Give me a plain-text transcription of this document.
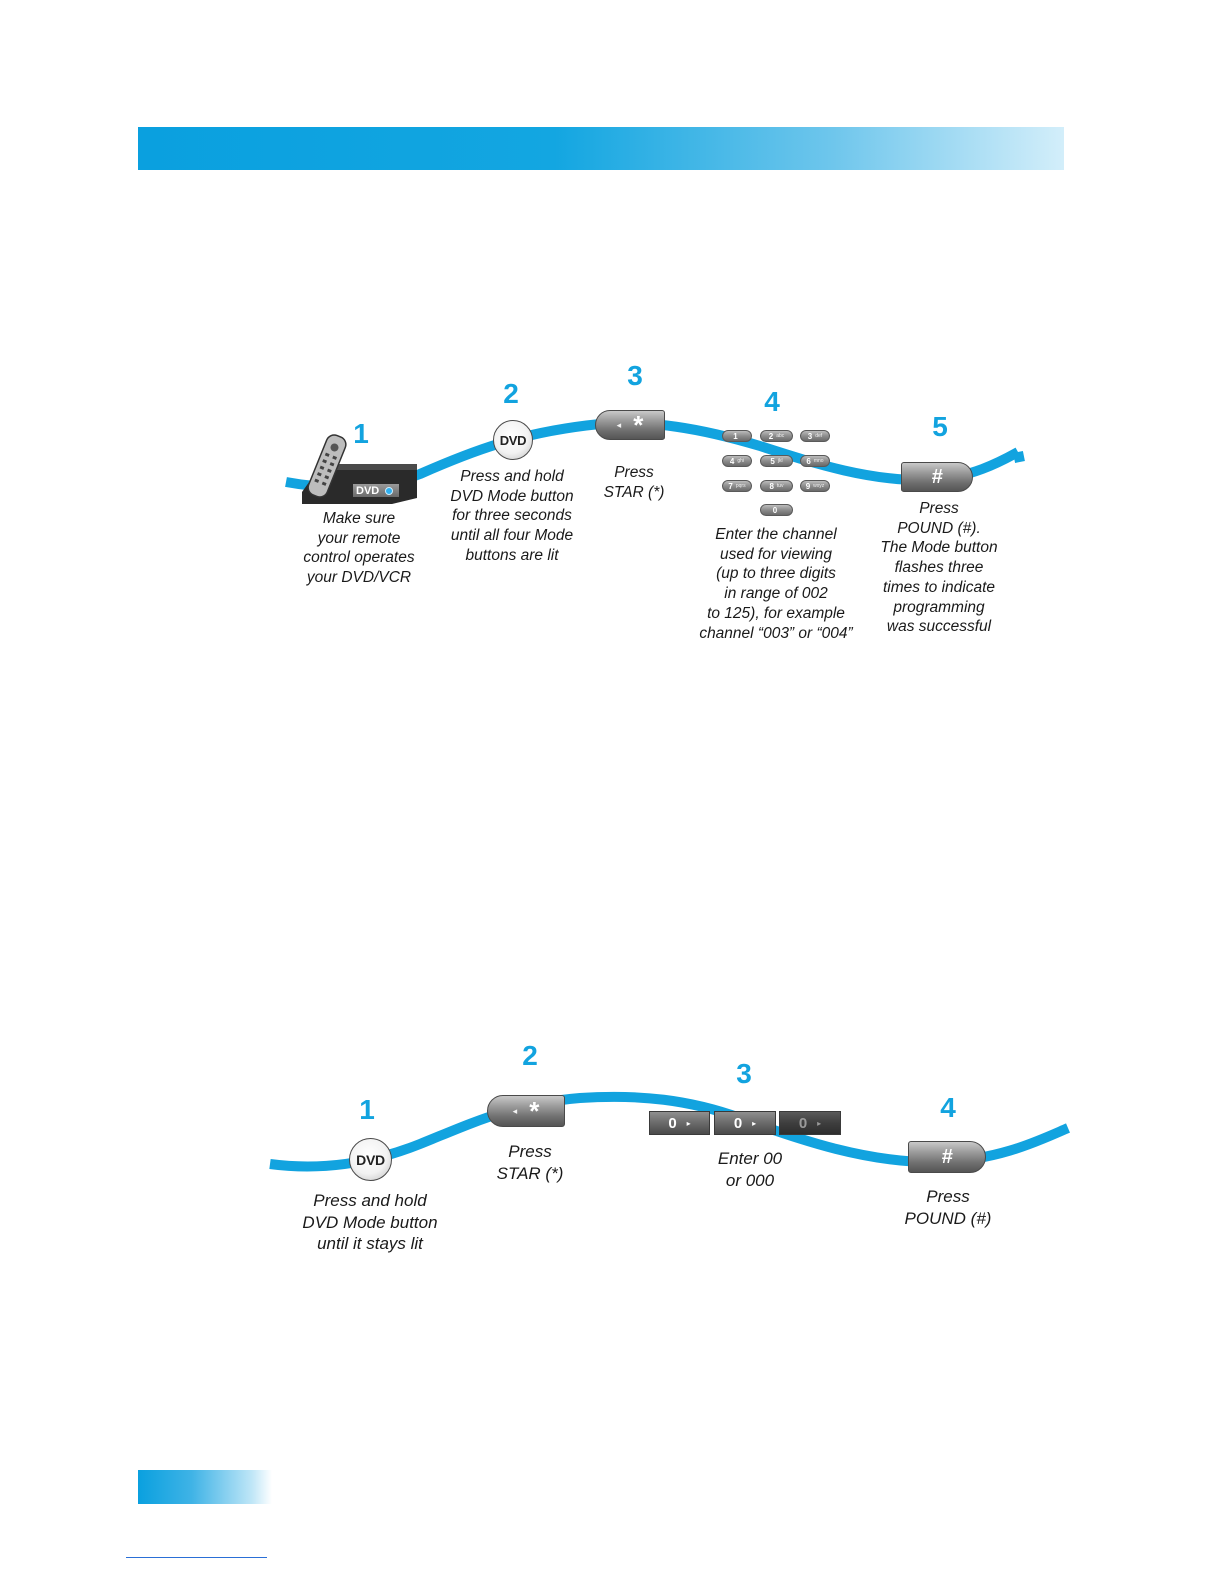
1
2
3
4
5
DVD
DVD
◂ *	1	2 abc	3 def
4 ghi	5 jkl	6 mno
7 pqrs	8 tuv	9 wxyz
0
#
Make sure
your remote
control operates
your DVD/VCR
Press and hold
DVD Mode button
for three seconds
until all four Mode
buttons are lit
Press
STAR (*)
Enter the channel
used for viewing
(up to three digits
in range of 002
to 125), for example
channel “003” or “004”
Press
POUND (#).
The Mode button
flashes three
times to indicate
programming
was successful
1
2
3
4
DVD
◂ *	0 ▸	0 ▸	0 ▸
#
Press and hold
DVD Mode button
until it stays lit
Press
STAR (*)
Enter 00
or 000
Press
POUND (#)
